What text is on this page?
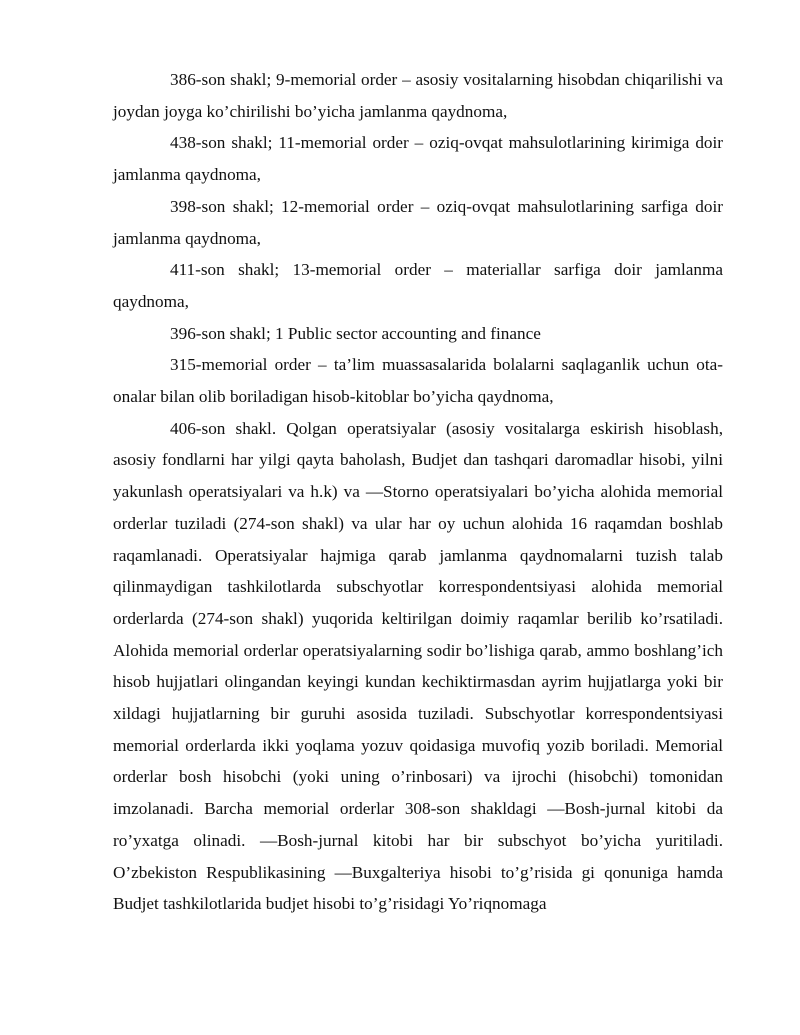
386-son shakl; 9-memorial order – asosiy vositalarning hisobdan chiqarilishi va joydan joyga ko’chirilishi bo’yicha jamlanma qaydnoma,

438-son shakl; 11-memorial order – oziq-ovqat mahsulotlarining kirimiga doir jamlanma qaydnoma,

398-son shakl; 12-memorial order – oziq-ovqat mahsulotlarining sarfiga doir jamlanma qaydnoma,

411-son shakl; 13-memorial order – materiallar sarfiga doir jamlanma qaydnoma,

396-son shakl; 1 Public sector accounting and finance

315-memorial order – ta’lim muassasalarida bolalarni saqlaganlik uchun ota-onalar bilan olib boriladigan hisob-kitoblar bo’yicha qaydnoma,

406-son shakl. Qolgan operatsiyalar (asosiy vositalarga eskirish hisoblash, asosiy fondlarni har yilgi qayta baholash, Budjet dan tashqari daromadlar hisobi, yilni yakunlash operatsiyalari va h.k) va ―Storno operatsiyalari bo’yicha alohida memorial orderlar tuziladi (274-son shakl) va ular har oy uchun alohida 16 raqamdan boshlab raqamlanadi. Operatsiyalar hajmiga qarab jamlanma qaydnomalarni tuzish talab qilinmaydigan tashkilotlarda subschyotlar korrespondentsiyasi alohida memorial orderlarda (274-son shakl) yuqorida keltirilgan doimiy raqamlar berilib ko’rsatiladi. Alohida memorial orderlar operatsiyalarning sodir bo’lishiga qarab, ammo boshlang’ich hisob hujjatlari olingandan keyingi kundan kechiktirmasdan ayrim hujjatlarga yoki bir xildagi hujjatlarning bir guruhi asosida tuziladi. Subschyotlar korrespondentsiyasi memorial orderlarda ikki yoqlama yozuv qoidasiga muvofiq yozib boriladi. Memorial orderlar bosh hisobchi (yoki uning o’rinbosari) va ijrochi (hisobchi) tomonidan imzolanadi. Barcha memorial orderlar 308-son shakldagi ―Bosh-jurnal kitobi da ro’yxatga olinadi. ―Bosh-jurnal kitobi har bir subschyot bo’yicha yuritiladi. O’zbekiston Respublikasining ―Buxgalteriya hisobi to’g’risida gi qonuniga hamda Budjet tashkilotlarida budjet hisobi to’g’risidagi Yo’riqnomaga
